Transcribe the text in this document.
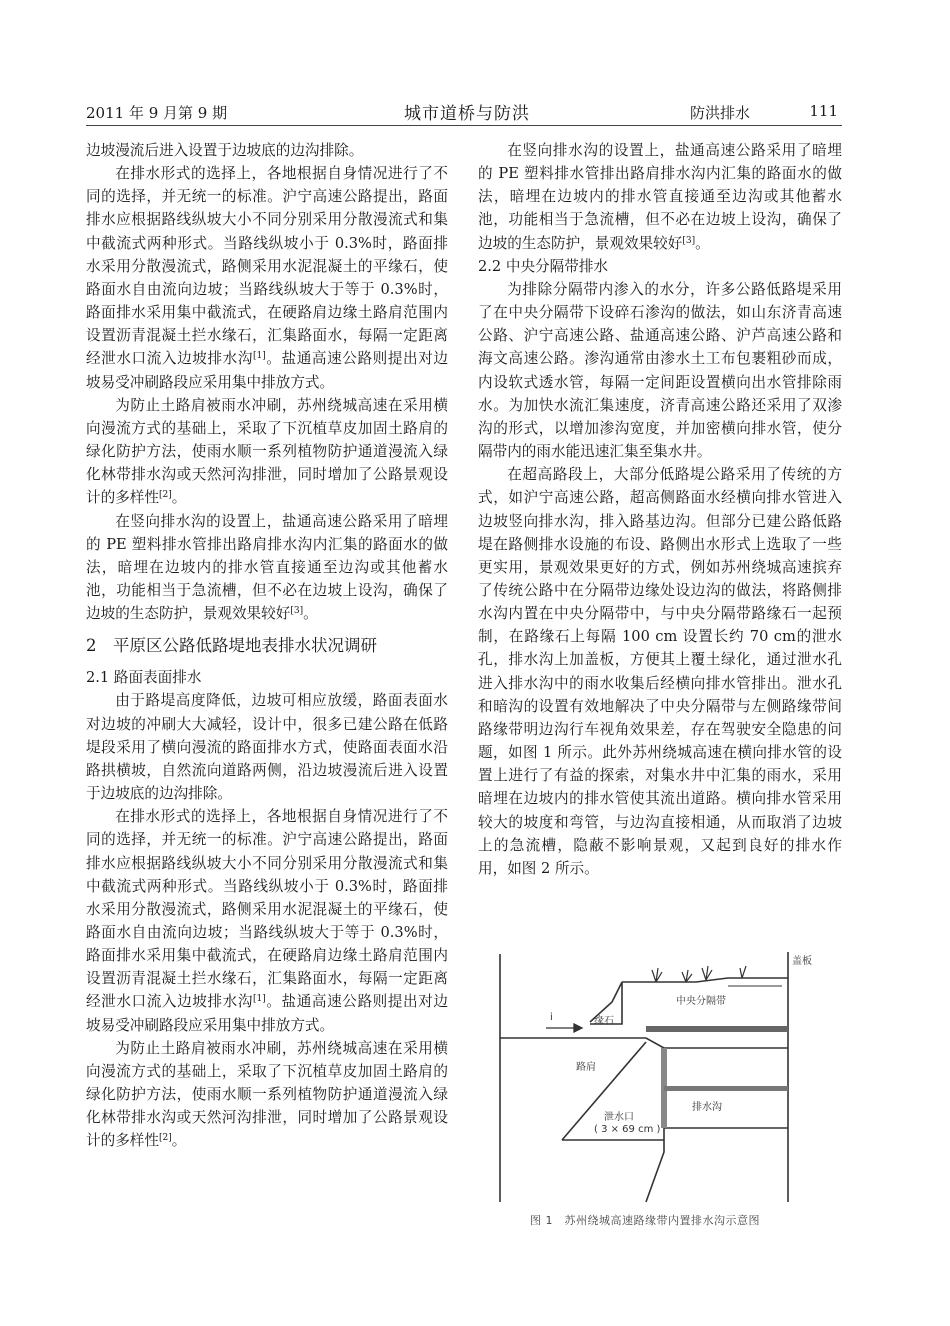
2011 年 9 月第 9 期	城市道桥与防洪	防洪排水	111

边坡漫流后进入设置于边坡底的边沟排除。

在排水形式的选择上，各地根据自身情况进行了不同的选择，并无统一的标准。沪宁高速公路提出，路面排水应根据路线纵坡大小不同分别采用分散漫流式和集中截流式两种形式。当路线纵坡小于 0.3%时，路面排水采用分散漫流式，路侧采用水泥混凝土的平缘石，使路面水自由流向边坡；当路线纵坡大于等于 0.3%时，路面排水采用集中截流式，在硬路肩边缘土路肩范围内设置沥青混凝土拦水缘石，汇集路面水，每隔一定距离经泄水口流入边坡排水沟[1]。盐通高速公路则提出对边坡易受冲刷路段应采用集中排放方式。

为防止土路肩被雨水冲刷，苏州绕城高速在采用横向漫流方式的基础上，采取了下沉植草皮加固土路肩的绿化防护方法，使雨水顺一系列植物防护通道漫流入绿化林带排水沟或天然河沟排泄，同时增加了公路景观设计的多样性[2]。

在竖向排水沟的设置上，盐通高速公路采用了暗埋的 PE 塑料排水管排出路肩排水沟内汇集的路面水的做法，暗埋在边坡内的排水管直接通至边沟或其他蓄水池，功能相当于急流槽，但不必在边坡上设沟，确保了边坡的生态防护，景观效果较好[3]。

2　平原区公路低路堤地表排水状况调研
2.1 路面表面排水

由于路堤高度降低，边坡可相应放缓，路面表面水对边坡的冲刷大大减轻，设计中，很多已建公路在低路堤段采用了横向漫流的路面排水方式，使路面表面水沿路拱横坡，自然流向道路两侧，沿边坡漫流后进入设置于边坡底的边沟排除。

在排水形式的选择上，各地根据自身情况进行了不同的选择，并无统一的标准。沪宁高速公路提出，路面排水应根据路线纵坡大小不同分别采用分散漫流式和集中截流式两种形式。当路线纵坡小于 0.3%时，路面排水采用分散漫流式，路侧采用水泥混凝土的平缘石，使路面水自由流向边坡；当路线纵坡大于等于 0.3%时，路面排水采用集中截流式，在硬路肩边缘土路肩范围内设置沥青混凝土拦水缘石，汇集路面水，每隔一定距离经泄水口流入边坡排水沟[1]。盐通高速公路则提出对边坡易受冲刷路段应采用集中排放方式。

为防止土路肩被雨水冲刷，苏州绕城高速在采用横向漫流方式的基础上，采取了下沉植草皮加固土路肩的绿化防护方法，使雨水顺一系列植物防护通道漫流入绿化林带排水沟或天然河沟排泄，同时增加了公路景观设计的多样性[2]。

在竖向排水沟的设置上，盐通高速公路采用了暗埋的 PE 塑料排水管排出路肩排水沟内汇集的路面水的做法，暗埋在边坡内的排水管直接通至边沟或其他蓄水池，功能相当于急流槽，但不必在边坡上设沟，确保了边坡的生态防护，景观效果较好[3]。

2.2 中央分隔带排水

为排除分隔带内渗入的水分，许多公路低路堤采用了在中央分隔带下设碎石渗沟的做法，如山东济青高速公路、沪宁高速公路、盐通高速公路、沪芦高速公路和海文高速公路。渗沟通常由渗水土工布包裹粗砂而成，内设软式透水管，每隔一定间距设置横向出水管排除雨水。为加快水流汇集速度，济青高速公路还采用了双渗沟的形式，以增加渗沟宽度，并加密横向排水管，使分隔带内的雨水能迅速汇集至集水井。

在超高路段上，大部分低路堤公路采用了传统的方式，如沪宁高速公路，超高侧路面水经横向排水管进入边坡竖向排水沟，排入路基边沟。但部分已建公路低路堤在路侧排水设施的布设、路侧出水形式上选取了一些更实用，景观效果更好的方式，例如苏州绕城高速摈弃了传统公路中在分隔带边缘处设边沟的做法，将路侧排水沟内置在中央分隔带中，与中央分隔带路缘石一起预制，在路缘石上每隔 100 cm 设置长约 70 cm的泄水孔，排水沟上加盖板，方便其上覆土绿化，通过泄水孔进入排水沟中的雨水收集后经横向排水管排出。泄水孔和暗沟的设置有效地解决了中央分隔带与左侧路缘带间路缘带明边沟行车视角效果差，存在驾驶安全隐患的问题，如图 1 所示。此外苏州绕城高速在横向排水管的设置上进行了有益的探索，对集水井中汇集的雨水，采用暗埋在边坡内的排水管使其流出道路。横向排水管采用较大的坡度和弯管，与边沟直接相通，从而取消了边坡上的急流槽，隐蔽不影响景观，又起到良好的排水作用，如图 2 所示。

中央分隔带
盖板
缘石
i
路肩
排水沟
泄水口
( 3 × 69 cm )
图 1　苏州绕城高速路缘带内置排水沟示意图
